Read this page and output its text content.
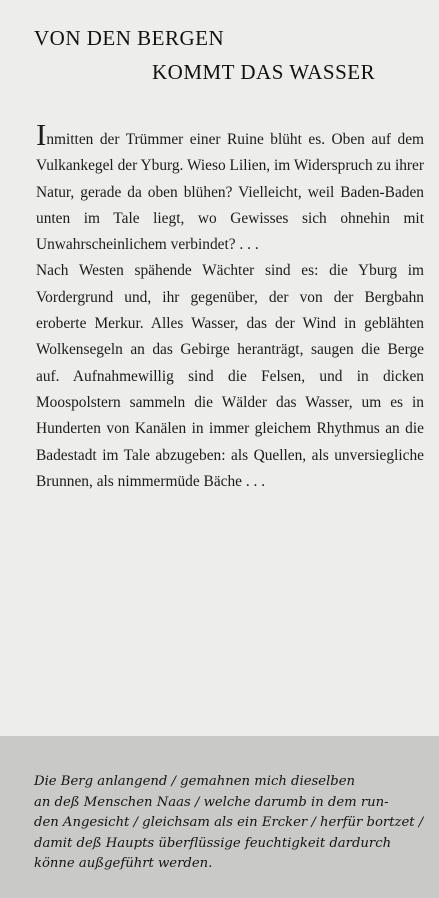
VON DEN BERGEN
KOMMT DAS WASSER

Inmitten der Trümmer einer Ruine blüht es. Oben auf dem Vulkankegel der Yburg. Wieso Lilien, im Widerspruch zu ihrer Natur, gerade da oben blühen? Vielleicht, weil Baden-Baden unten im Tale liegt, wo Gewisses sich ohnehin mit Unwahrscheinlichem verbindet? . . .

Nach Westen spähende Wächter sind es: die Yburg im Vordergrund und, ihr gegenüber, der von der Bergbahn eroberte Merkur. Alles Wasser, das der Wind in geblähten Wolkensegeln an das Gebirge heranträgt, saugen die Berge auf. Aufnahmewillig sind die Felsen, und in dicken Moospolstern sammeln die Wälder das Wasser, um es in Hunderten von Kanälen in immer gleichem Rhythmus an die Badestadt im Tale abzugeben: als Quellen, als unversiegliche Brunnen, als nimmermüde Bäche . . .

Die Berg anlangend / gemahnen mich dieselben
an deß Menschen Naas / welche darumb in dem run-
den Angesicht / gleichsam als ein Ercker / herfür bortzet /
damit deß Haupts überflüssige feuchtigkeit dardurch
könne außgeführt werden.
